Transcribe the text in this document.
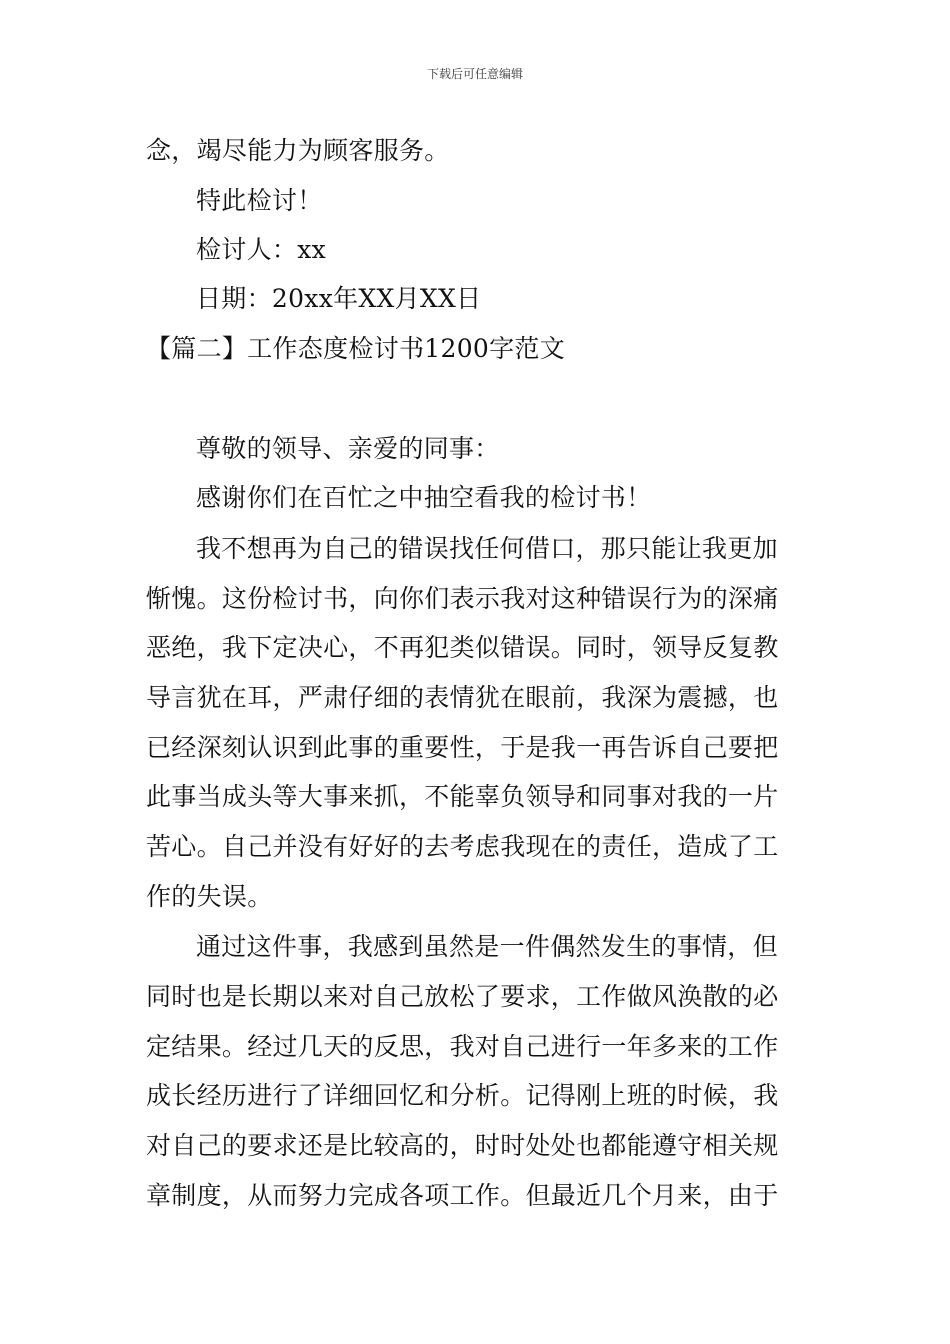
下载后可任意编辑
念，竭尽能力为顾客服务。
特此检讨！
检讨人：xx
日期：20xx年XX月XX日
【篇二】工作态度检讨书1200字范文
尊敬的领导、亲爱的同事：
感谢你们在百忙之中抽空看我的检讨书！
我不想再为自己的错误找任何借口，那只能让我更加
惭愧。这份检讨书，向你们表示我对这种错误行为的深痛
恶绝，我下定决心，不再犯类似错误。同时，领导反复教
导言犹在耳，严肃仔细的表情犹在眼前，我深为震撼，也
已经深刻认识到此事的重要性，于是我一再告诉自己要把
此事当成头等大事来抓，不能辜负领导和同事对我的一片
苦心。自己并没有好好的去考虑我现在的责任，造成了工
作的失误。
通过这件事，我感到虽然是一件偶然发生的事情，但
同时也是长期以来对自己放松了要求，工作做风涣散的必
定结果。经过几天的反思，我对自己进行一年多来的工作
成长经历进行了详细回忆和分析。记得刚上班的时候，我
对自己的要求还是比较高的，时时处处也都能遵守相关规
章制度，从而努力完成各项工作。但最近几个月来，由于
